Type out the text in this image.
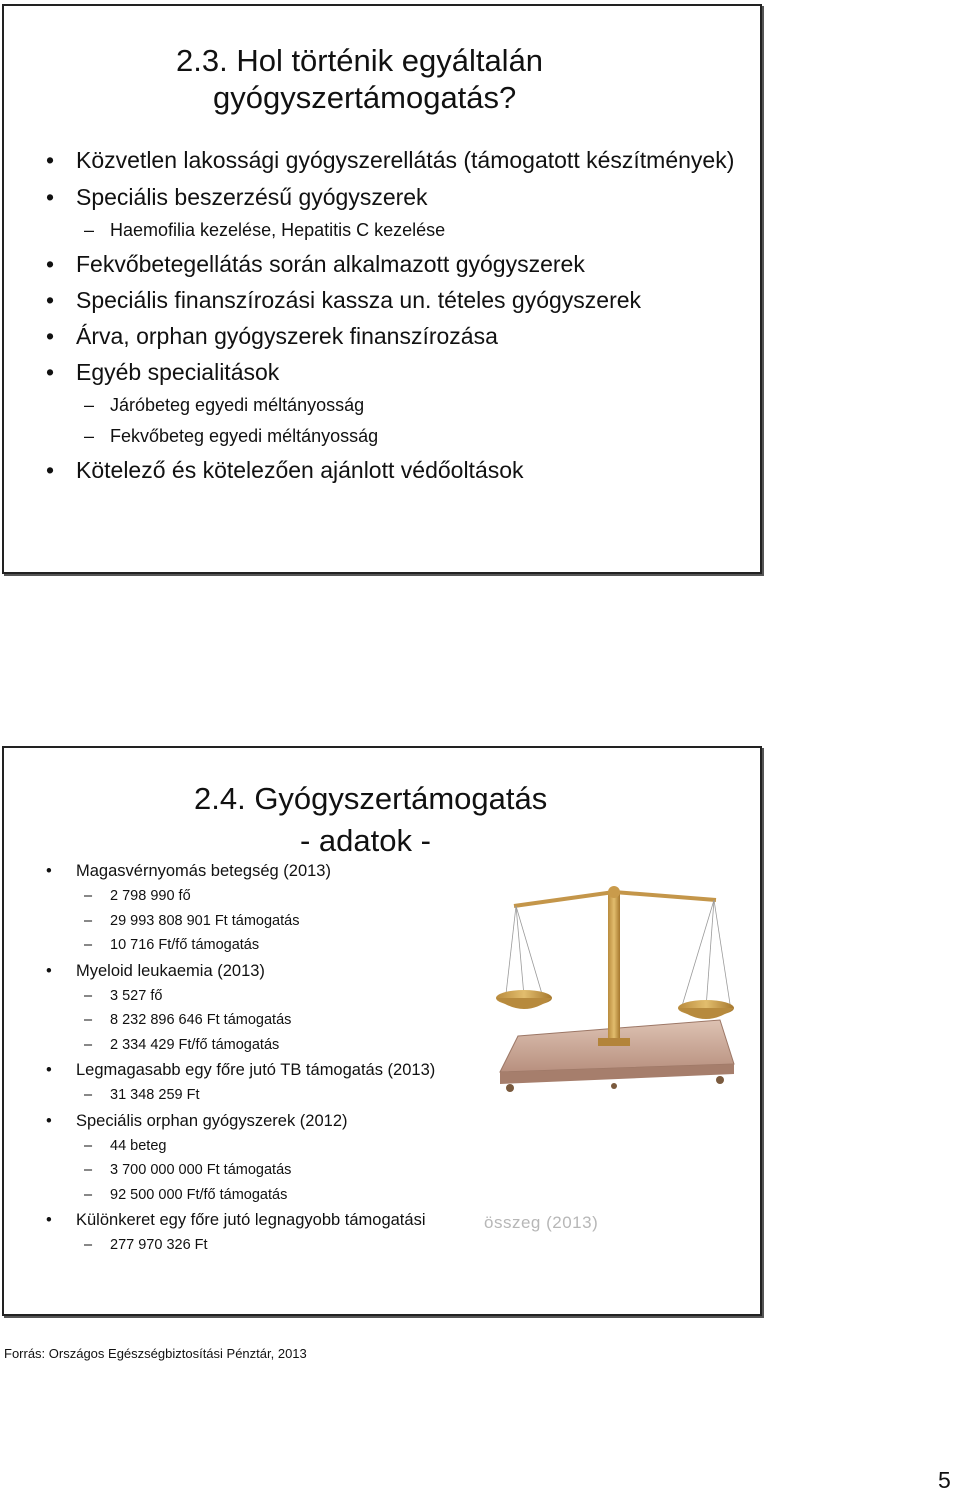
2.3. Hol történik egyáltalán
gyógyszertámogatás?
• Közvetlen lakossági gyógyszerellátás (támogatott készítmények)
• Speciális beszerzésű gyógyszerek
– Haemofilia kezelése, Hepatitis C kezelése
• Fekvőbetegellátás során alkalmazott gyógyszerek
• Speciális finanszírozási kassza un. tételes gyógyszerek
• Árva, orphan gyógyszerek finanszírozása
• Egyéb specialitások
– Járóbeteg egyedi méltányosság
– Fekvőbeteg egyedi méltányosság
• Kötelező és kötelezően ajánlott védőoltások
2.4. Gyógyszertámogatás
- adatok -
• Magasvérnyomás betegség (2013)
– 2 798 990 fő
– 29 993 808 901 Ft támogatás
– 10 716 Ft/fő támogatás
• Myeloid leukaemia (2013)
– 3 527 fő
– 8 232 896 646 Ft támogatás
– 2 334 429 Ft/fő támogatás
• Legmagasabb egy főre jutó TB támogatás (2013)
– 31 348 259 Ft
• Speciális orphan gyógyszerek (2012)
– 44 beteg
– 3 700 000 000 Ft támogatás
– 92 500 000 Ft/fő támogatás
• Különkeret egy főre jutó legnagyobb támogatási
– 277 970 326 Ft
Forrás: Országos Egészségbiztosítási Pénztár, 2013
összeg (2013)
5
